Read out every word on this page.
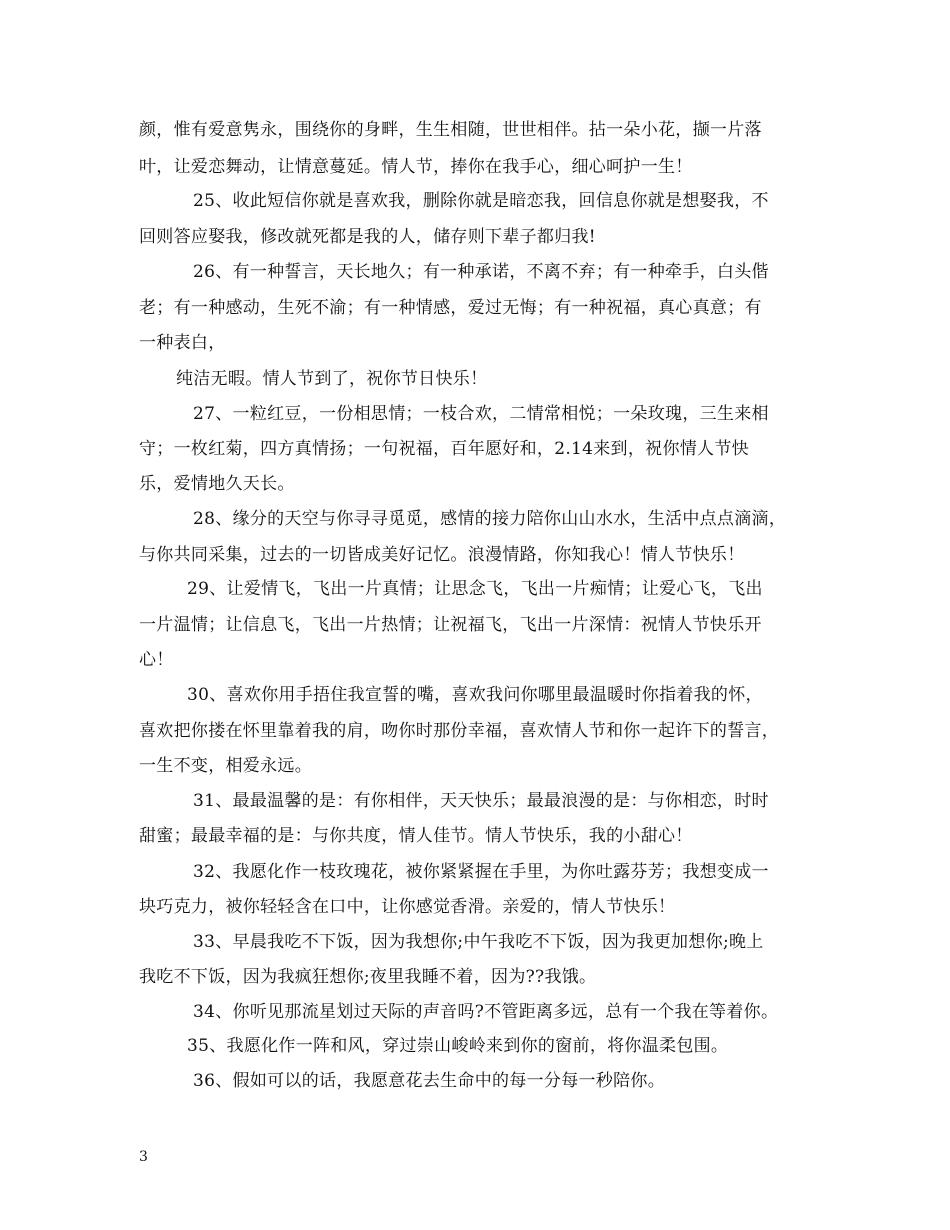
颜，惟有爱意隽永，围绕你的身畔，生生相随，世世相伴。拈一朵小花，撷一片落
叶，让爱恋舞动，让情意蔓延。情人节，捧你在我手心，细心呵护一生！
25、收此短信你就是喜欢我，删除你就是暗恋我，回信息你就是想娶我，不
回则答应娶我，修改就死都是我的人，储存则下辈子都归我!
26、有一种誓言，天长地久；有一种承诺，不离不弃；有一种牵手，白头偕
老；有一种感动，生死不渝；有一种情感，爱过无悔；有一种祝福，真心真意；有
一种表白，
纯洁无暇。情人节到了，祝你节日快乐！
27、一粒红豆，一份相思情；一枝合欢，二情常相悦；一朵玫瑰，三生来相
守；一枚红菊，四方真情扬；一句祝福，百年愿好和，2.14来到，祝你情人节快
乐，爱情地久天长。
28、缘分的天空与你寻寻觅觅，感情的接力陪你山山水水，生活中点点滴滴，
与你共同采集，过去的一切皆成美好记忆。浪漫情路，你知我心！情人节快乐！
29、让爱情飞，飞出一片真情；让思念飞，飞出一片痴情；让爱心飞，飞出
一片温情；让信息飞，飞出一片热情；让祝福飞，飞出一片深情：祝情人节快乐开
心！
30、喜欢你用手捂住我宣誓的嘴，喜欢我问你哪里最温暖时你指着我的怀，
喜欢把你搂在怀里靠着我的肩，吻你时那份幸福，喜欢情人节和你一起许下的誓言，
一生不变，相爱永远。
31、最最温馨的是：有你相伴，天天快乐；最最浪漫的是：与你相恋，时时
甜蜜；最最幸福的是：与你共度，情人佳节。情人节快乐，我的小甜心！
32、我愿化作一枝玫瑰花，被你紧紧握在手里，为你吐露芬芳；我想变成一
块巧克力，被你轻轻含在口中，让你感觉香滑。亲爱的，情人节快乐！
33、早晨我吃不下饭，因为我想你;中午我吃不下饭，因为我更加想你;晚上
我吃不下饭，因为我疯狂想你;夜里我睡不着，因为??我饿。
34、你听见那流星划过天际的声音吗?不管距离多远，总有一个我在等着你。
35、我愿化作一阵和风，穿过崇山峻岭来到你的窗前，将你温柔包围。
36、假如可以的话，我愿意花去生命中的每一分每一秒陪你。
3
